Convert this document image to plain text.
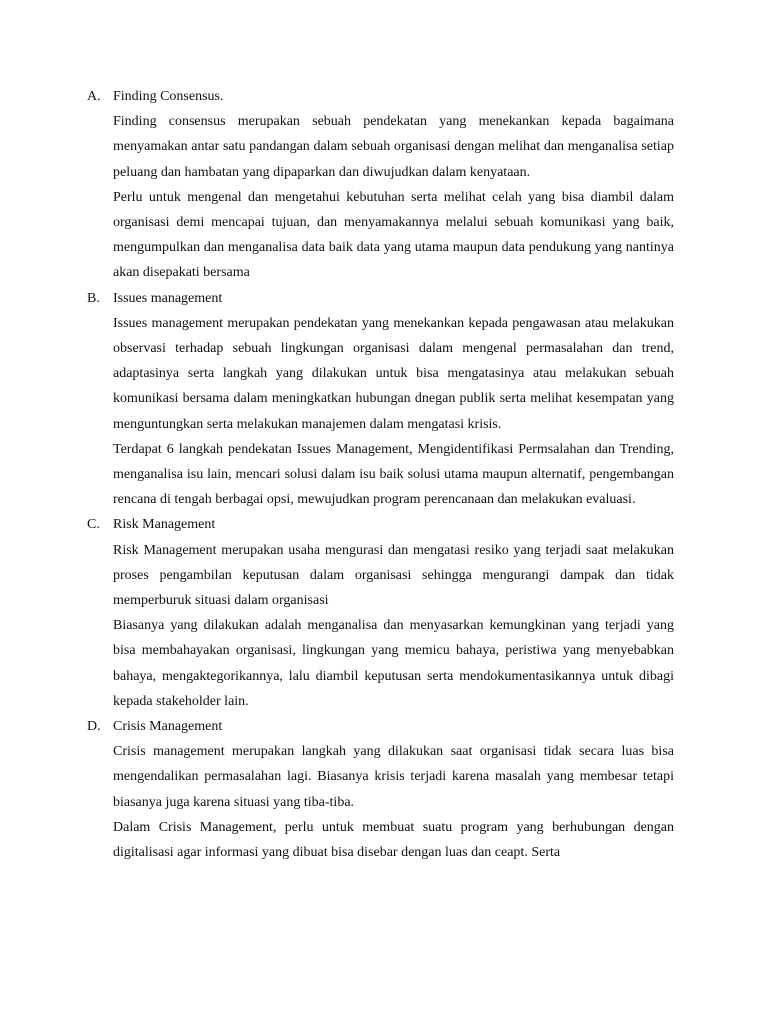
A. Finding Consensus.

Finding consensus merupakan sebuah pendekatan yang menekankan kepada bagaimana menyamakan antar satu pandangan dalam sebuah organisasi dengan melihat dan menganalisa setiap peluang dan hambatan yang dipaparkan dan diwujudkan dalam kenyataan.

Perlu untuk mengenal dan mengetahui kebutuhan serta melihat celah yang bisa diambil dalam organisasi demi mencapai tujuan, dan menyamakannya melalui sebuah komunikasi yang baik, mengumpulkan dan menganalisa data baik data yang utama maupun data pendukung yang nantinya akan disepakati bersama

B. Issues management

Issues management merupakan pendekatan yang menekankan kepada pengawasan atau melakukan observasi terhadap sebuah lingkungan organisasi dalam mengenal permasalahan dan trend, adaptasinya serta langkah yang dilakukan untuk bisa mengatasinya atau melakukan sebuah komunikasi bersama dalam meningkatkan hubungan dnegan publik serta melihat kesempatan yang menguntungkan serta melakukan manajemen dalam mengatasi krisis.

Terdapat 6 langkah pendekatan Issues Management, Mengidentifikasi Permsalahan dan Trending, menganalisa isu lain, mencari solusi dalam isu baik solusi utama maupun alternatif, pengembangan rencana di tengah berbagai opsi, mewujudkan program perencanaan dan melakukan evaluasi.

C. Risk Management

Risk Management merupakan usaha mengurasi dan mengatasi resiko yang terjadi saat melakukan proses pengambilan keputusan dalam organisasi sehingga mengurangi dampak dan tidak memperburuk situasi dalam organisasi

Biasanya yang dilakukan adalah menganalisa dan menyasarkan kemungkinan yang terjadi yang bisa membahayakan organisasi, lingkungan yang memicu bahaya, peristiwa yang menyebabkan bahaya, mengaktegorikannya, lalu diambil keputusan serta mendokumentasikannya untuk dibagi kepada stakeholder lain.

D. Crisis Management

Crisis management merupakan langkah yang dilakukan saat organisasi tidak secara luas bisa mengendalikan permasalahan lagi. Biasanya krisis terjadi karena masalah yang membesar tetapi biasanya juga karena situasi yang tiba-tiba.

Dalam Crisis Management, perlu untuk membuat suatu program yang berhubungan dengan digitalisasi agar informasi yang dibuat bisa disebar dengan luas dan ceapt. Serta
